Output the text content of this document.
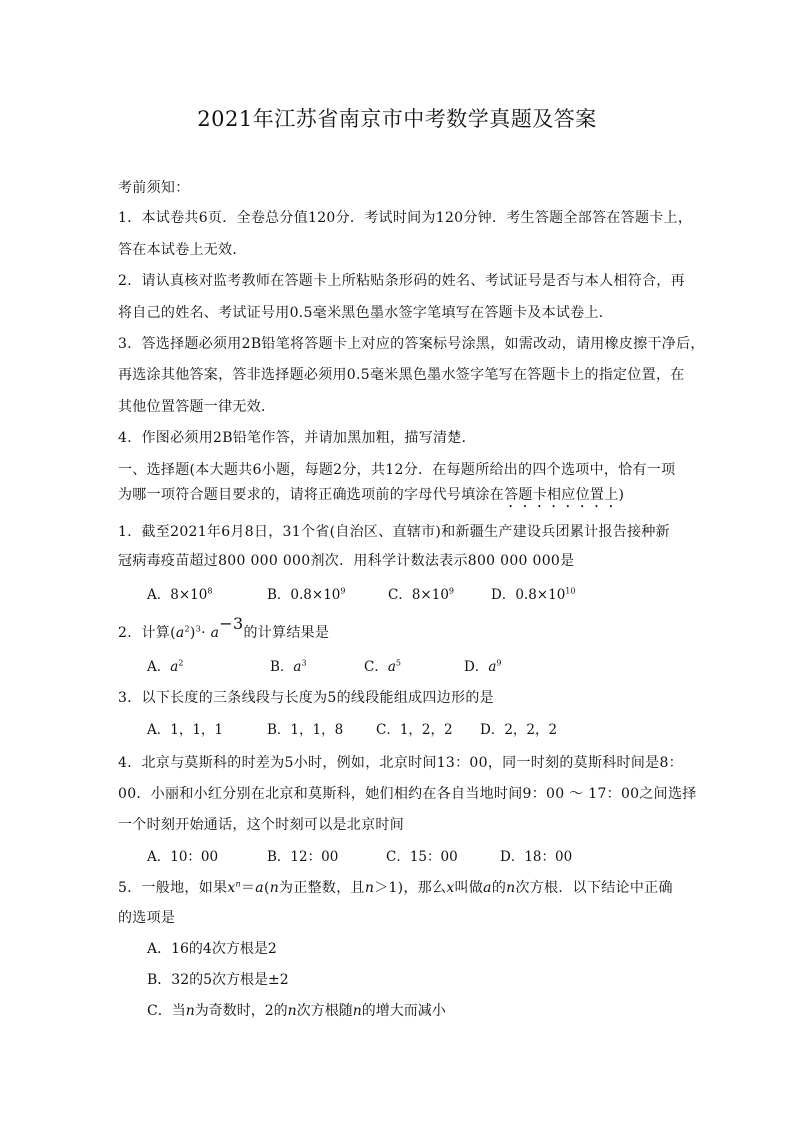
2021年江苏省南京市中考数学真题及答案
考前须知：
1．本试卷共6页．全卷总分值120分．考试时间为120分钟．考生答题全部答在答题卡上，
答在本试卷上无效．
2．请认真核对监考教师在答题卡上所粘贴条形码的姓名、考试证号是否与本人相符合，再
将自己的姓名、考试证号用0.5毫米黑色墨水签字笔填写在答题卡及本试卷上．
3．答选择题必须用2B铅笔将答题卡上对应的答案标号涂黑，如需改动，请用橡皮擦干净后，
再选涂其他答案，答非选择题必须用0.5毫米黑色墨水签字笔写在答题卡上的指定位置，在
其他位置答题一律无效．
4．作图必须用2B铅笔作答，并请加黑加粗，描写清楚．
一、选择题(本大题共6小题，每题2分，共12分．在每题所给出的四个选项中，恰有一项
为哪一项符合题目要求的，请将正确选项前的字母代号填涂在答题卡相应位置上)
1．截至2021年6月8日，31个省(自治区、直辖市)和新疆生产建设兵团累计报告接种新
冠病毒疫苗超过800 000 000剂次．用科学计数法表示800 000 000是
A．$8\times 10^8$	B．$0.8\times 10^9$	C．$8\times 10^9$	D．$0.8\times 10^{10}$
2．计算$(a^2)^3\cdot a-3$的计算结果是
A．$a^2$	B．$a^3$	C．$a^5$	D．$a^9$
3．以下长度的三条线段与长度为5的线段能组成四边形的是
A．1，1，1	B．1，1，8 C．1，2，2 D．2，2，2
4．北京与莫斯科的时差为5小时，例如，北京时间13：00，同一时刻的莫斯科时间是8：
00．小丽和小红分别在北京和莫斯科，她们相约在各自当地时间9：00 ～ 17：00之间选择
一个时刻开始通话，这个时刻可以是北京时间
A．10：00	B．12：00	C．15：00	D．18：00
5．一般地，如果$x^n=a(n$为正整数，且n＞1)，那么x叫做a的n次方根．以下结论中正确
的选项是
A．16的4次方根是2
B．32的5次方根是±2
C．当n为奇数时，2的n次方根随n的增大而减小
